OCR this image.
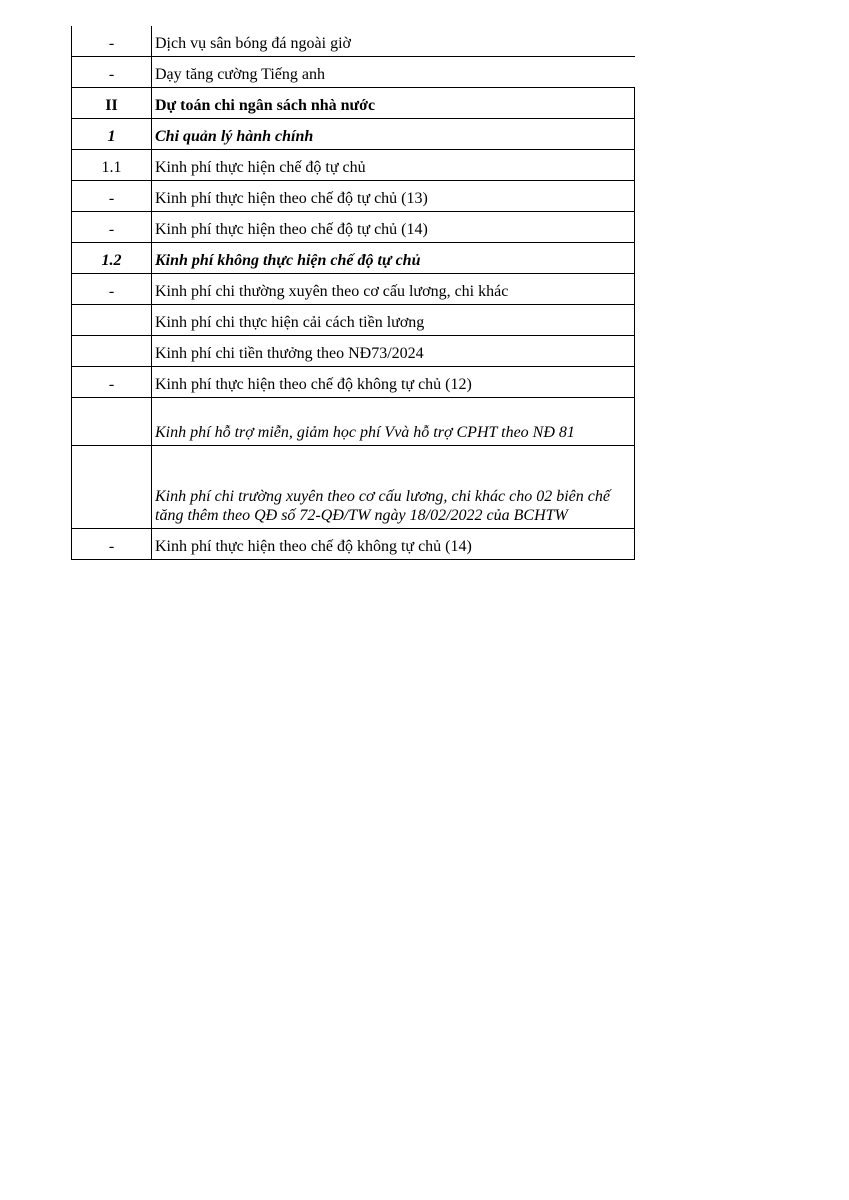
-	Dịch vụ sân bóng đá ngoài giờ
-	Dạy tăng cường Tiếng anh
II	Dự toán chi ngân sách nhà nước
1	Chi quản lý hành chính
1.1	Kinh phí thực hiện chế độ tự chủ
-	Kinh phí thực hiện theo chế độ tự chủ (13)
-	Kinh phí thực hiện theo chế độ tự chủ (14)
1.2	Kinh phí không thực hiện chế độ tự chủ
-	Kinh phí chi thường xuyên theo cơ cấu lương, chi khác
	Kinh phí chi thực hiện cải cách tiền lương
	Kinh phí chi tiền thưởng theo NĐ73/2024
-	Kinh phí thực hiện theo chế độ không tự chủ (12)
	Kinh phí hỗ trợ miễn, giảm học phí Vvà hỗ trợ CPHT theo NĐ 81
	Kinh phí chi trường xuyên theo cơ cấu lương, chi khác cho 02 biên chế tăng thêm theo QĐ số 72-QĐ/TW ngày 18/02/2022 của BCHTW
-	Kinh phí thực hiện theo chế độ không tự chủ (14)
